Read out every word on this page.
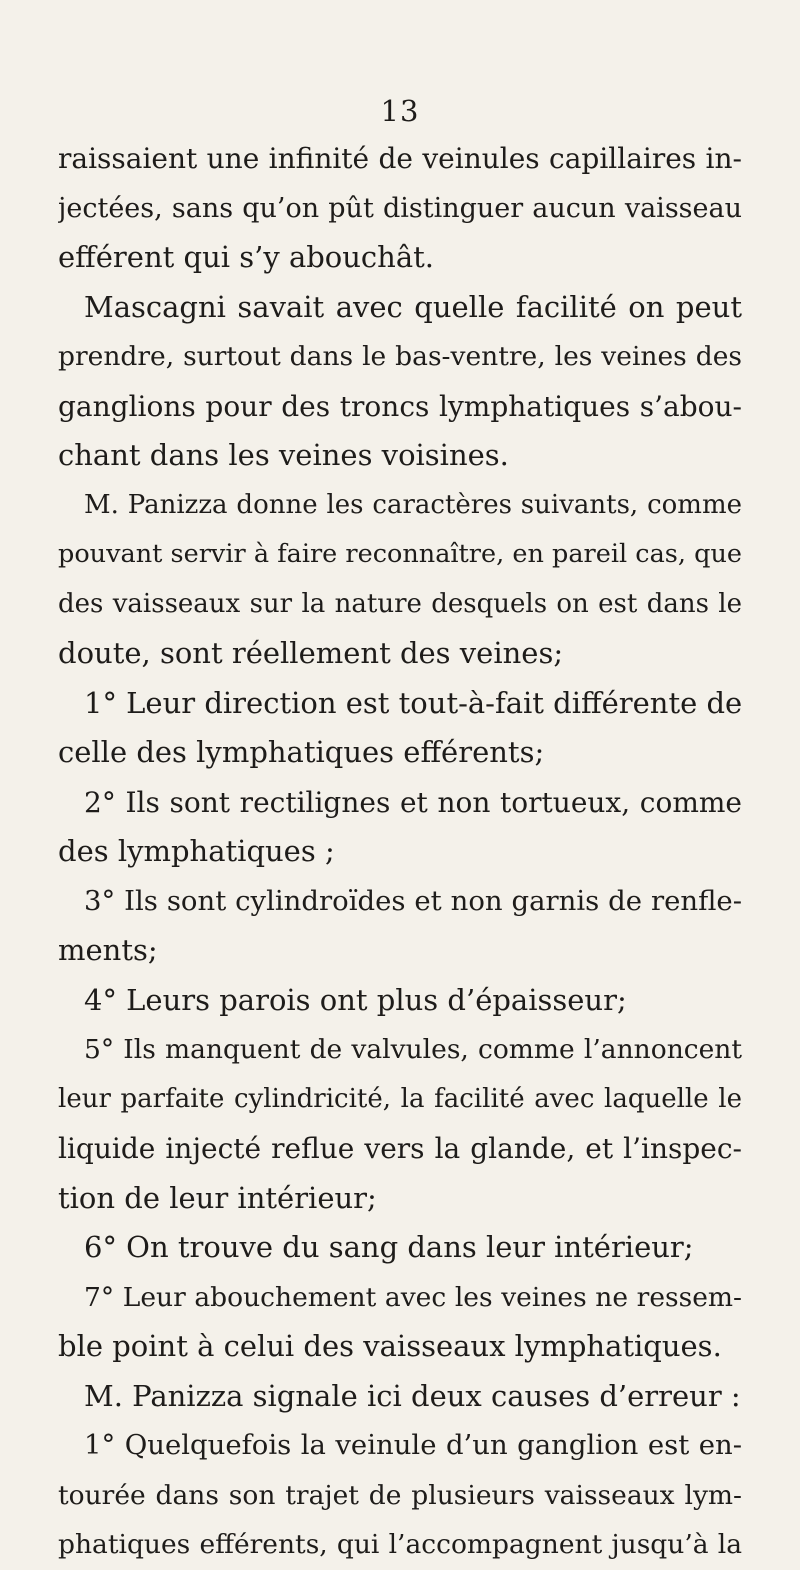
13
raissaient une infinité de veinules capillaires in-
jectées, sans qu’on pût distinguer aucun vaisseau
efférent qui s’y abouchât.
Mascagni savait avec quelle facilité on peut
prendre, surtout dans le bas-ventre, les veines des
ganglions pour des troncs lymphatiques s’abou-
chant dans les veines voisines.
M. Panizza donne les caractères suivants, comme
pouvant servir à faire reconnaître, en pareil cas, que
des vaisseaux sur la nature desquels on est dans le
doute, sont réellement des veines;
1° Leur direction est tout-à-fait différente de
celle des lymphatiques efférents;
2° Ils sont rectilignes et non tortueux, comme
des lymphatiques ;
3° Ils sont cylindroïdes et non garnis de renfle-
ments;
4° Leurs parois ont plus d’épaisseur;
5° Ils manquent de valvules, comme l’annoncent
leur parfaite cylindricité, la facilité avec laquelle le
liquide injecté reflue vers la glande, et l’inspec-
tion de leur intérieur;
6° On trouve du sang dans leur intérieur;
7° Leur abouchement avec les veines ne ressem-
ble point à celui des vaisseaux lymphatiques.
M. Panizza signale ici deux causes d’erreur :
1° Quelquefois la veinule d’un ganglion est en-
tourée dans son trajet de plusieurs vaisseaux lym-
phatiques efférents, qui l’accompagnent jusqu’à la
